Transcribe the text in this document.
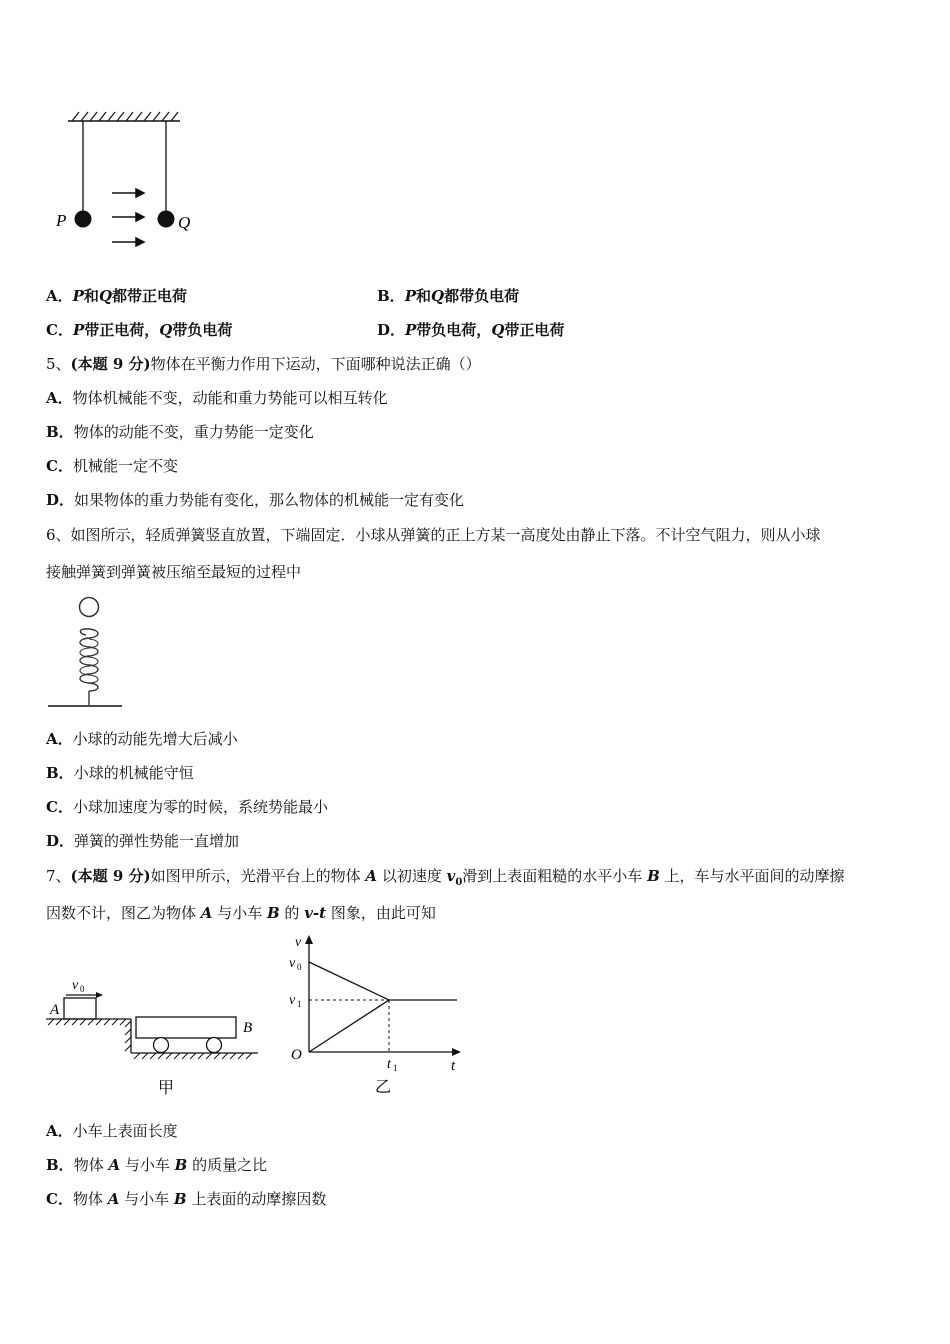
P	Q
A．P和Q都带正电荷	B．P和Q都带负电荷
C．P带正电荷，Q带负电荷	D．P带负电荷，Q带正电荷
5、(本题 9 分)物体在平衡力作用下运动，下面哪种说法正确（）
A．物体机械能不变，动能和重力势能可以相互转化
B．物体的动能不变，重力势能一定变化
C．机械能一定不变
D．如果物体的重力势能有变化，那么物体的机械能一定有变化
6、如图所示，轻质弹簧竖直放置，下端固定．小球从弹簧的正上方某一高度处由静止下落。不计空气阻力，则从小球
接触弹簧到弹簧被压缩至最短的过程中
A．小球的动能先增大后减小
B．小球的机械能守恒
C．小球加速度为零的时候，系统势能最小
D．弹簧的弹性势能一直增加
7、(本题 9 分)如图甲所示，光滑平台上的物体 A 以初速度 $v_0$滑到上表面粗糙的水平小车 B 上，车与水平面间的动摩擦
因数不计，图乙为物体 A 与小车 B 的 v-t 图象，由此可知
v 0
A
B
甲
v
v 0
v 1
O
t 1	t
乙
A．小车上表面长度
B．物体 A 与小车 B 的质量之比
C．物体 A 与小车 B 上表面的动摩擦因数
